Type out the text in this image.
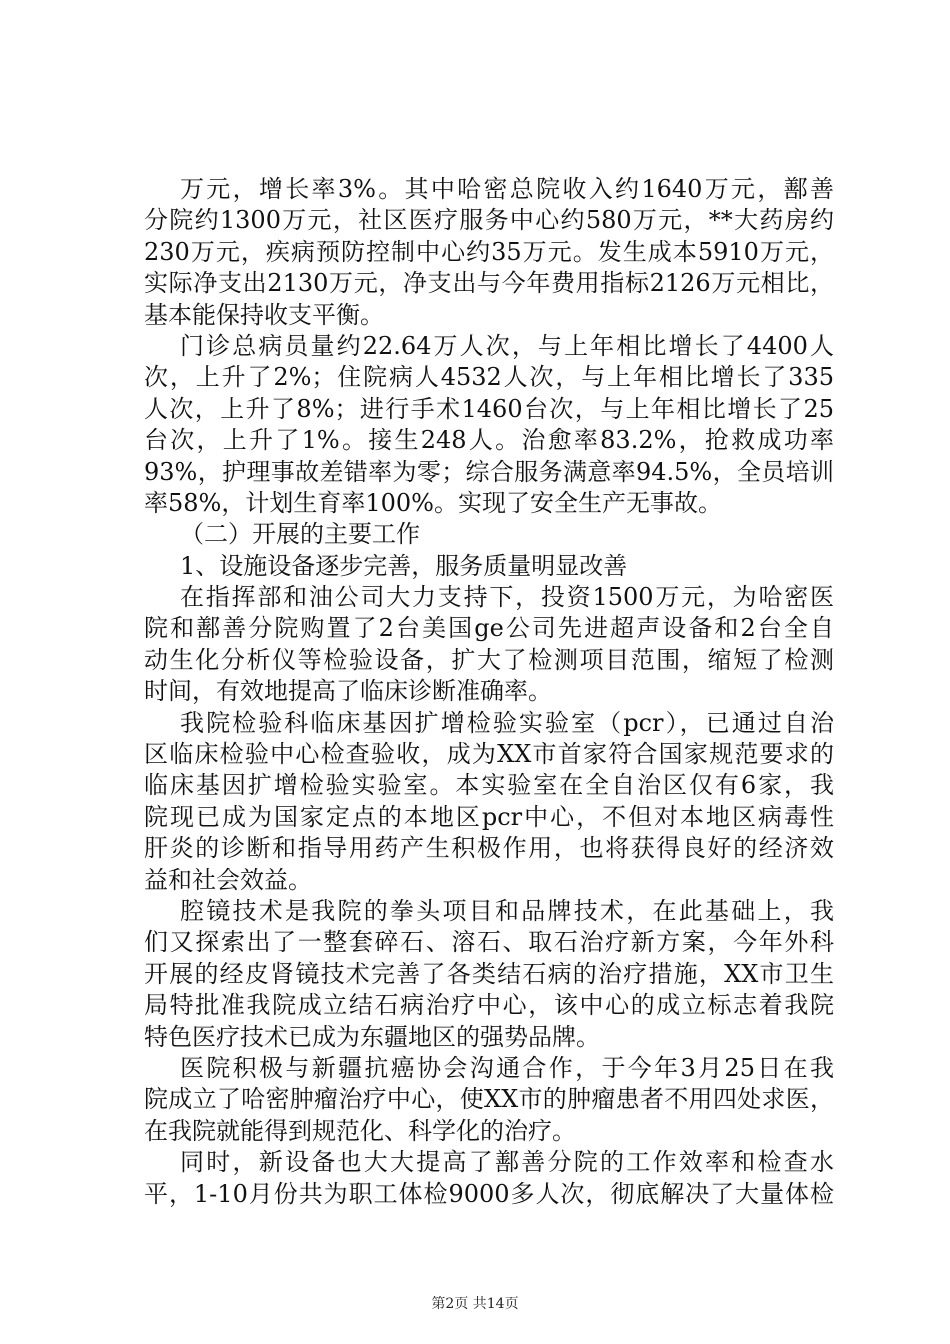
万元，增长率3%。其中哈密总院收入约1640万元，鄯善
分院约1300万元，社区医疗服务中心约580万元，**大药房约
230万元，疾病预防控制中心约35万元。发生成本5910万元，
实际净支出2130万元，净支出与今年费用指标2126万元相比，
基本能保持收支平衡。
门诊总病员量约22.64万人次，与上年相比增长了4400人
次，上升了2%；住院病人4532人次，与上年相比增长了335
人次，上升了8%；进行手术1460台次，与上年相比增长了25
台次，上升了1%。接生248人。治愈率83.2%，抢救成功率
93%，护理事故差错率为零；综合服务满意率94.5%，全员培训
率58%，计划生育率100%。实现了安全生产无事故。
（二）开展的主要工作
1、设施设备逐步完善，服务质量明显改善
在指挥部和油公司大力支持下，投资1500万元，为哈密医
院和鄯善分院购置了2台美国ge公司先进超声设备和2台全自
动生化分析仪等检验设备，扩大了检测项目范围，缩短了检测
时间，有效地提高了临床诊断准确率。
我院检验科临床基因扩增检验实验室（pcr），已通过自治
区临床检验中心检查验收，成为XX市首家符合国家规范要求的
临床基因扩增检验实验室。本实验室在全自治区仅有6家，我
院现已成为国家定点的本地区pcr中心，不但对本地区病毒性
肝炎的诊断和指导用药产生积极作用，也将获得良好的经济效
益和社会效益。
腔镜技术是我院的拳头项目和品牌技术，在此基础上，我
们又探索出了一整套碎石、溶石、取石治疗新方案，今年外科
开展的经皮肾镜技术完善了各类结石病的治疗措施，XX市卫生
局特批准我院成立结石病治疗中心，该中心的成立标志着我院
特色医疗技术已成为东疆地区的强势品牌。
医院积极与新疆抗癌协会沟通合作，于今年3月25日在我
院成立了哈密肿瘤治疗中心，使XX市的肿瘤患者不用四处求医，
在我院就能得到规范化、科学化的治疗。
同时，新设备也大大提高了鄯善分院的工作效率和检查水
平，1-10月份共为职工体检9000多人次，彻底解决了大量体检
第2页 共14页
